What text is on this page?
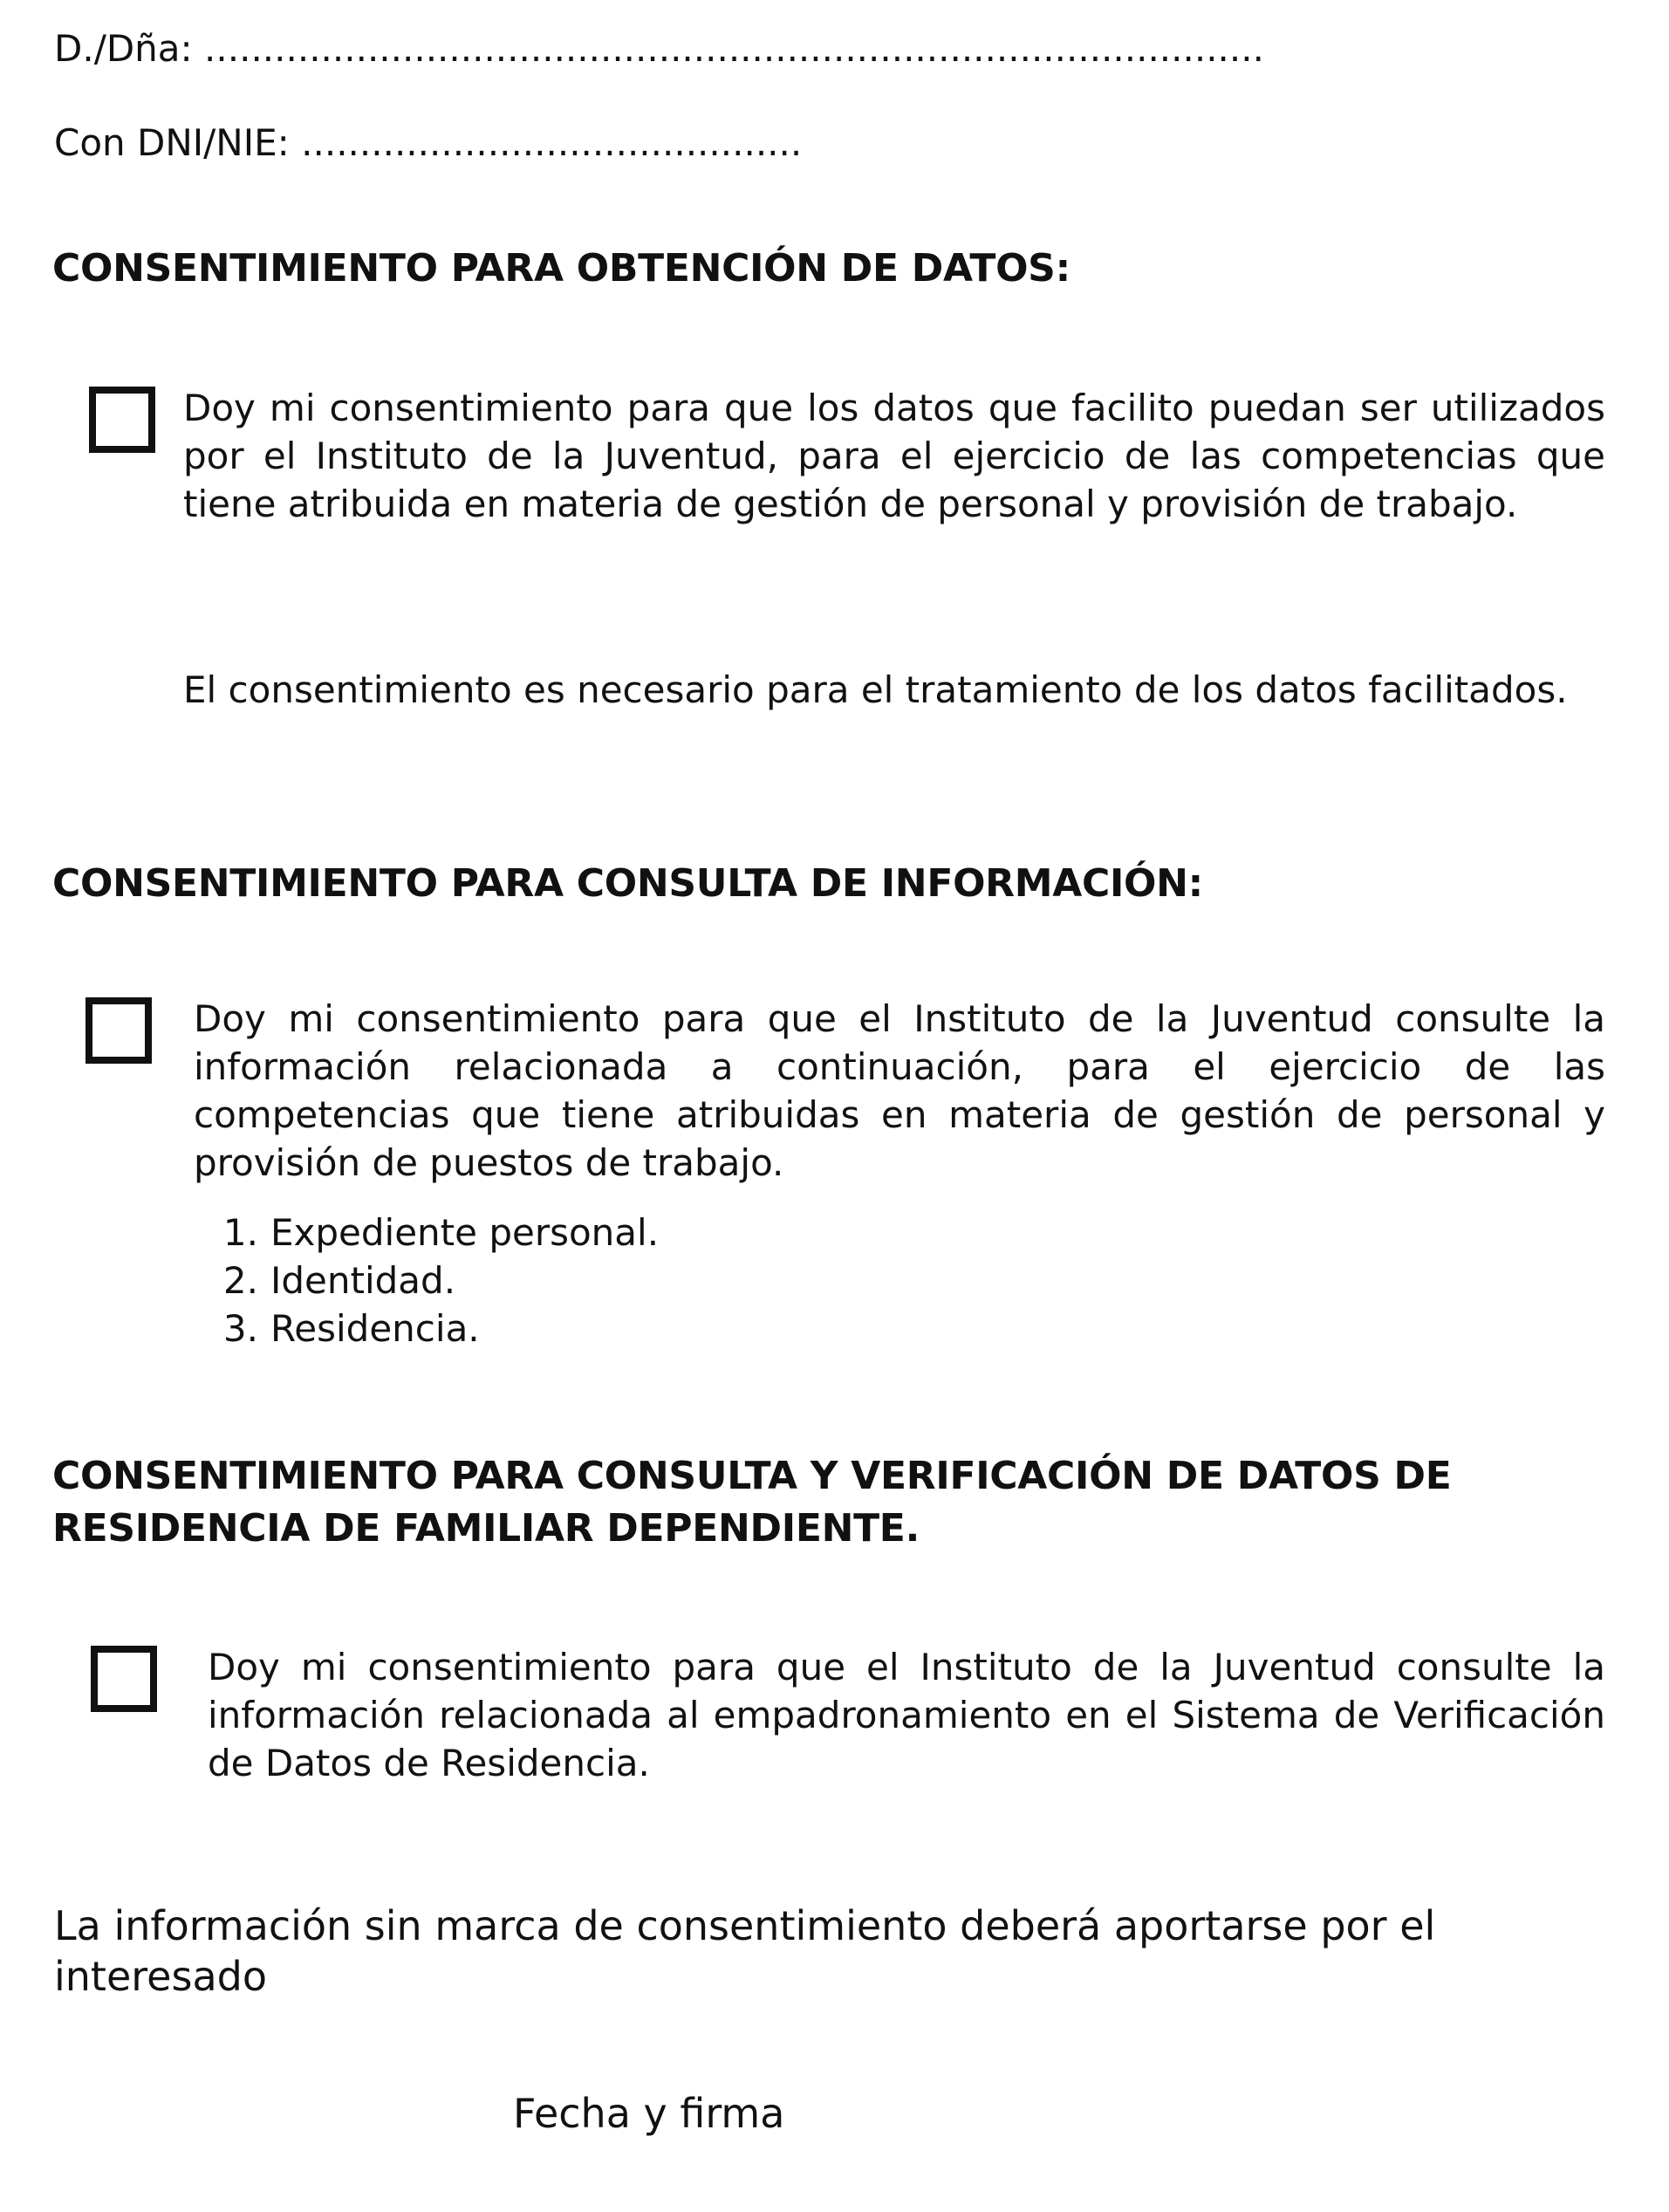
D./Dña: ...........................................................................................
Con DNI/NIE: ...........................................
CONSENTIMIENTO PARA OBTENCIÓN DE DATOS:
Doy mi consentimiento para que los datos que facilito puedan ser utilizados por el Instituto de la Juventud, para el ejercicio de las competencias que tiene atribuida en materia de gestión de personal y provisión de trabajo.
El consentimiento es necesario para el tratamiento de los datos facilitados.
CONSENTIMIENTO PARA CONSULTA DE INFORMACIÓN:
Doy mi consentimiento para que el Instituto de la Juventud consulte la información relacionada a continuación, para el ejercicio de las competencias que tiene atribuidas en materia de gestión de personal y provisión de puestos de trabajo.
1. Expediente personal.
2. Identidad.
3. Residencia.
CONSENTIMIENTO PARA CONSULTA Y VERIFICACIÓN DE DATOS DE RESIDENCIA DE FAMILIAR DEPENDIENTE.
Doy mi consentimiento para que el Instituto de la Juventud consulte la información relacionada al empadronamiento en el Sistema de Verificación de Datos de Residencia.
La información sin marca de consentimiento deberá aportarse por el interesado
Fecha y firma
